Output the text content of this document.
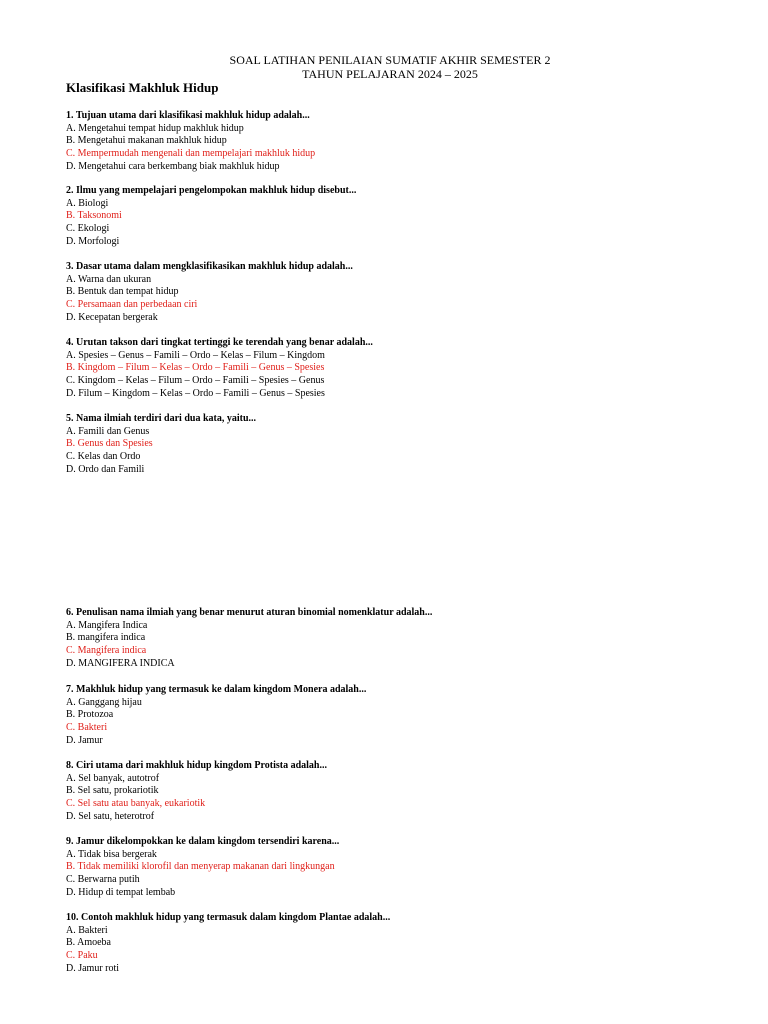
SOAL LATIHAN PENILAIAN SUMATIF AKHIR SEMESTER 2
TAHUN PELAJARAN 2024 – 2025
Klasifikasi Makhluk Hidup
1. Tujuan utama dari klasifikasi makhluk hidup adalah...
A. Mengetahui tempat hidup makhluk hidup
B. Mengetahui makanan makhluk hidup
C. Mempermudah mengenali dan mempelajari makhluk hidup
D. Mengetahui cara berkembang biak makhluk hidup
2. Ilmu yang mempelajari pengelompokan makhluk hidup disebut...
A. Biologi
B. Taksonomi
C. Ekologi
D. Morfologi
3. Dasar utama dalam mengklasifikasikan makhluk hidup adalah...
A. Warna dan ukuran
B. Bentuk dan tempat hidup
C. Persamaan dan perbedaan ciri
D. Kecepatan bergerak
4. Urutan takson dari tingkat tertinggi ke terendah yang benar adalah...
A. Spesies – Genus – Famili – Ordo – Kelas – Filum – Kingdom
B. Kingdom – Filum – Kelas – Ordo – Famili – Genus – Spesies
C. Kingdom – Kelas – Filum – Ordo – Famili – Spesies – Genus
D. Filum – Kingdom – Kelas – Ordo – Famili – Genus – Spesies
5. Nama ilmiah terdiri dari dua kata, yaitu...
A. Famili dan Genus
B. Genus dan Spesies
C. Kelas dan Ordo
D. Ordo dan Famili
6. Penulisan nama ilmiah yang benar menurut aturan binomial nomenklatur adalah...
A. Mangifera Indica
B. mangifera indica
C. Mangifera indica
D. MANGIFERA INDICA
7. Makhluk hidup yang termasuk ke dalam kingdom Monera adalah...
A. Ganggang hijau
B. Protozoa
C. Bakteri
D. Jamur
8. Ciri utama dari makhluk hidup kingdom Protista adalah...
A. Sel banyak, autotrof
B. Sel satu, prokariotik
C. Sel satu atau banyak, eukariotik
D. Sel satu, heterotrof
9. Jamur dikelompokkan ke dalam kingdom tersendiri karena...
A. Tidak bisa bergerak
B. Tidak memiliki klorofil dan menyerap makanan dari lingkungan
C. Berwarna putih
D. Hidup di tempat lembab
10. Contoh makhluk hidup yang termasuk dalam kingdom Plantae adalah...
A. Bakteri
B. Amoeba
C. Paku
D. Jamur roti
